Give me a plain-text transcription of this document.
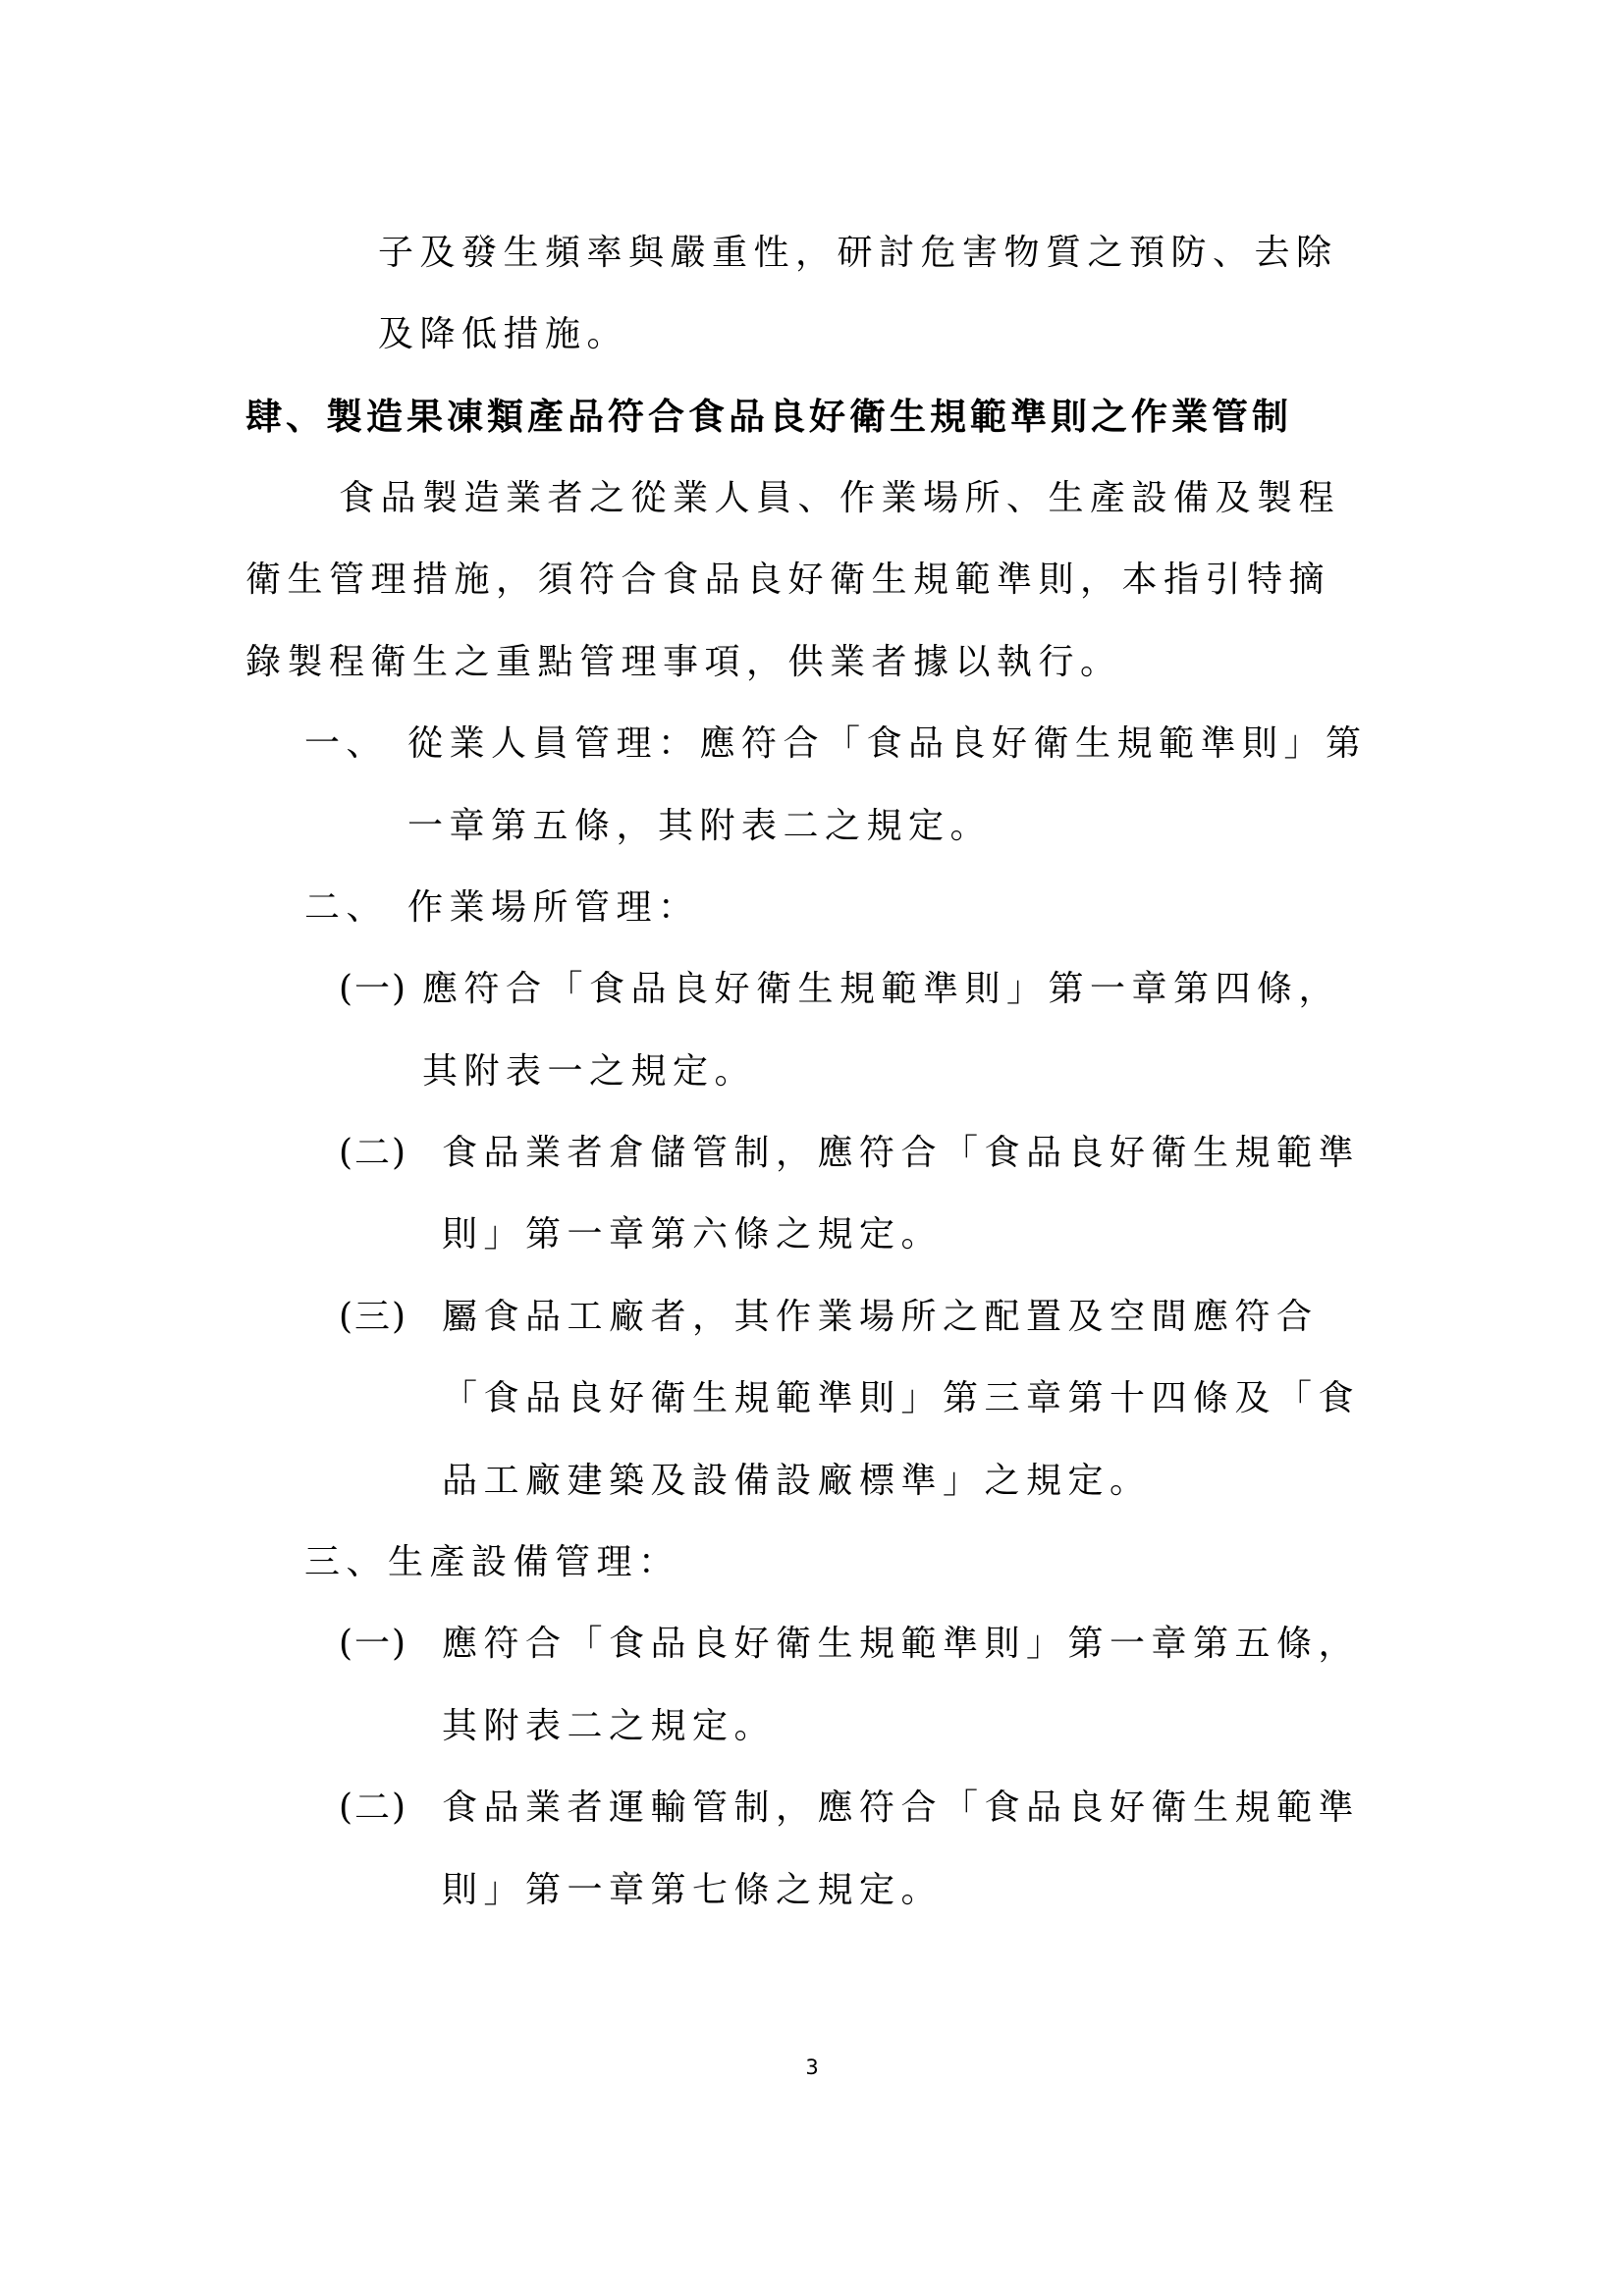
子及發生頻率與嚴重性，研討危害物質之預防、去除
及降低措施。
肆、製造果凍類產品符合食品良好衛生規範準則之作業管制
食品製造業者之從業人員、作業場所、生產設備及製程
衛生管理措施，須符合食品良好衛生規範準則，本指引特摘
錄製程衛生之重點管理事項，供業者據以執行。
一、 從業人員管理：應符合「食品良好衛生規範準則」第
一章第五條，其附表二之規定。
二、 作業場所管理：
(一) 應符合「食品良好衛生規範準則」第一章第四條，
其附表一之規定。
(二) 食品業者倉儲管制，應符合「食品良好衛生規範準
則」第一章第六條之規定。
(三) 屬食品工廠者，其作業場所之配置及空間應符合
「食品良好衛生規範準則」第三章第十四條及「食
品工廠建築及設備設廠標準」之規定。
三、生產設備管理：
(一) 應符合「食品良好衛生規範準則」第一章第五條，
其附表二之規定。
(二) 食品業者運輸管制，應符合「食品良好衛生規範準
則」第一章第七條之規定。
3
